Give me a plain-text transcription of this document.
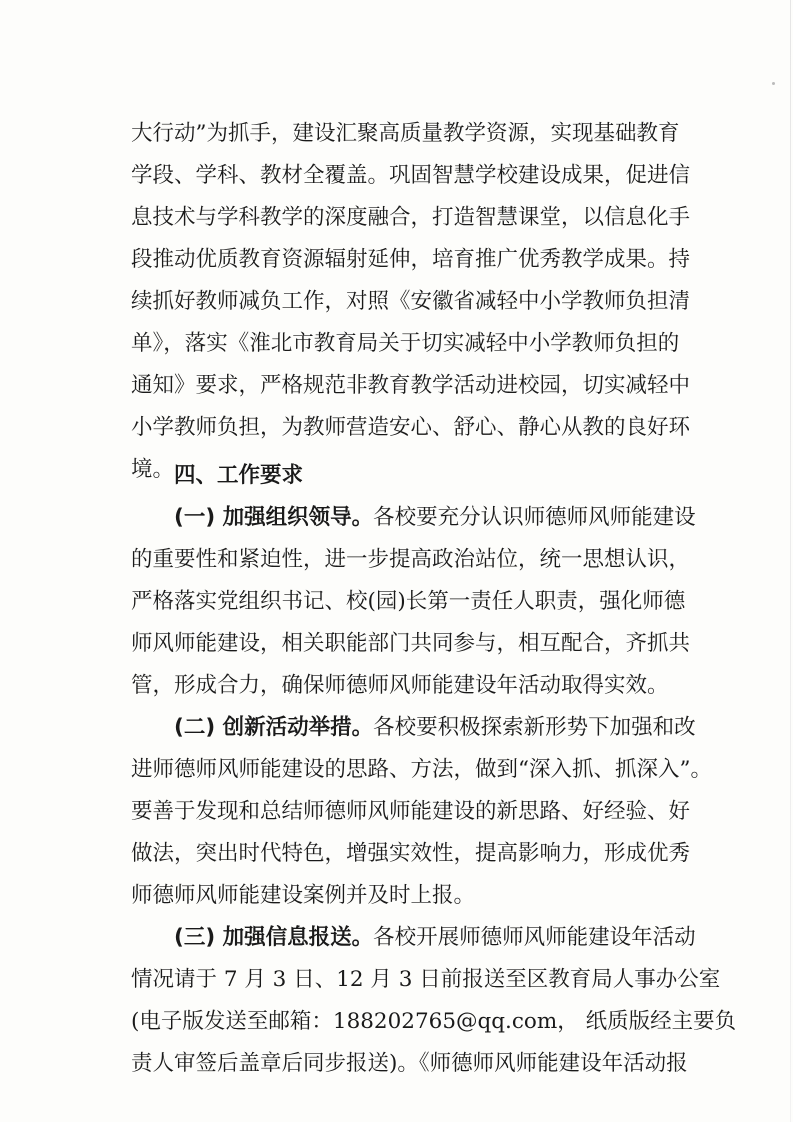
大行动”为抓手，建设汇聚高质量教学资源，实现基础教育
学段、学科、教材全覆盖。巩固智慧学校建设成果，促进信
息技术与学科教学的深度融合，打造智慧课堂，以信息化手
段推动优质教育资源辐射延伸，培育推广优秀教学成果。持
续抓好教师减负工作，对照《安徽省减轻中小学教师负担清
单》，落实《淮北市教育局关于切实减轻中小学教师负担的
通知》要求，严格规范非教育教学活动进校园，切实减轻中
小学教师负担，为教师营造安心、舒心、静心从教的良好环
境。 四、工作要求
(一) 加强组织领导。各校要充分认识师德师风师能建设
的重要性和紧迫性，进一步提高政治站位，统一思想认识，
严格落实党组织书记、校(园)长第一责任人职责，强化师德
师风师能建设，相关职能部门共同参与，相互配合，齐抓共
管，形成合力，确保师德师风师能建设年活动取得实效。
(二) 创新活动举措。各校要积极探索新形势下加强和改
进师德师风师能建设的思路、方法，做到“深入抓、抓深入”。
要善于发现和总结师德师风师能建设的新思路、好经验、好
做法，突出时代特色，增强实效性，提高影响力，形成优秀
师德师风师能建设案例并及时上报。
(三) 加强信息报送。各校开展师德师风师能建设年活动
情况请于 7 月 3 日、12 月 3 日前报送至区教育局人事办公室
(电子版发送至邮箱：188202765@qq.com， 纸质版经主要负
责人审签后盖章后同步报送)。《师德师风师能建设年活动报
